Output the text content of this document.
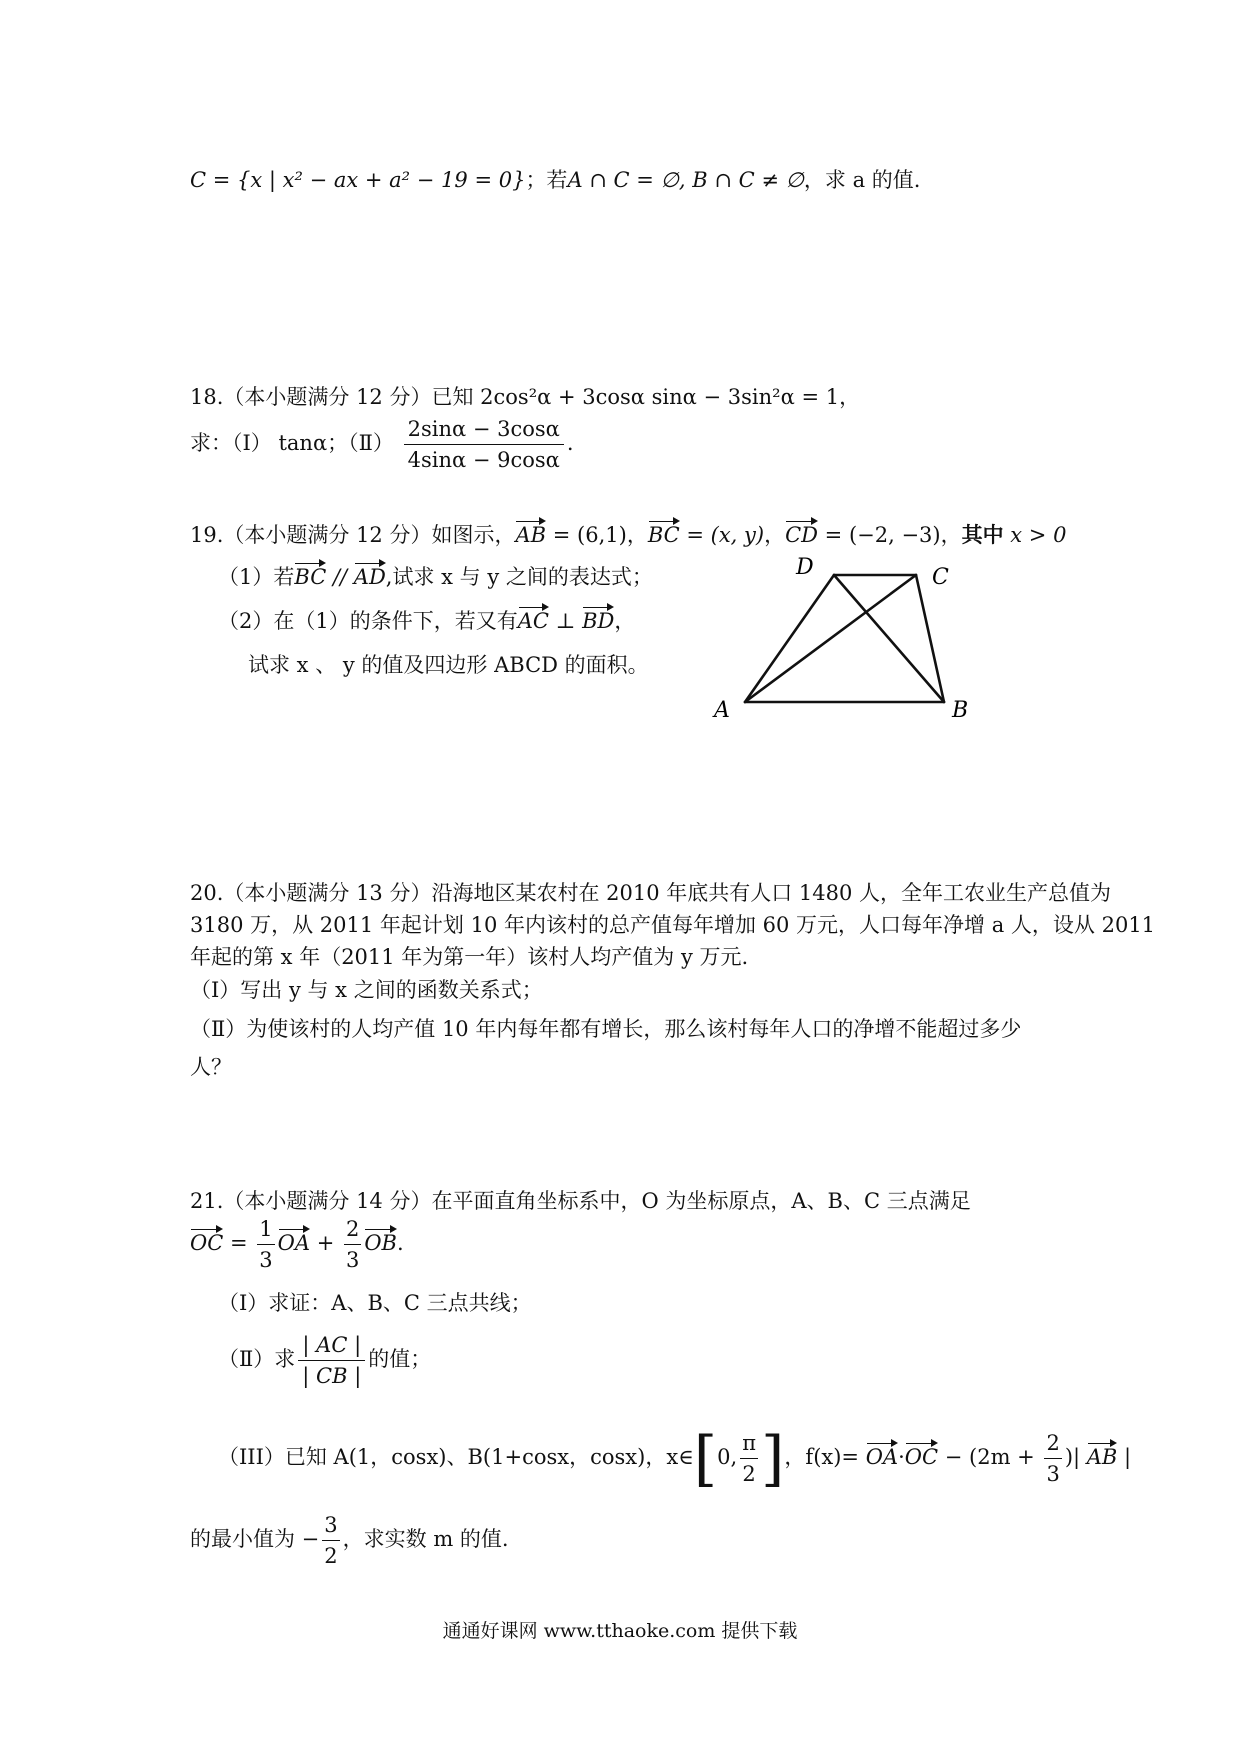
C = {x | x² − ax + a² − 19 = 0}；若A ∩ C = ∅, B ∩ C ≠ ∅，求 a 的值.
18.（本小题满分 12 分）已知 2cos²α + 3cosα sinα − 3sin²α = 1，
求：（Ⅰ） tanα；（Ⅱ） $\frac{2\sin\alpha - 3\cos\alpha}{4\sin\alpha - 9\cos\alpha}$ .
19.（本小题满分 12 分）如图示，AB = (6,1)，BC = (x, y)，CD = (−2, −3)，其中 x > 0
（1）若BC // AD,试求 x 与 y 之间的表达式；
（2）在（1）的条件下，若又有AC ⊥ BD，
试求 x 、 y 的值及四边形 ABCD 的面积。
A	B
C
D
20.（本小题满分 13 分）沿海地区某农村在 2010 年底共有人口 1480 人，全年工农业生产总值为
3180 万，从 2011 年起计划 10 年内该村的总产值每年增加 60 万元，人口每年净增 a 人，设从 2011
年起的第 x 年（2011 年为第一年）该村人均产值为 y 万元.
（Ⅰ）写出 y 与 x 之间的函数关系式；
（Ⅱ）为使该村的人均产值 10 年内每年都有增长，那么该村每年人口的净增不能超过多少
人？
21.（本小题满分 14 分）在平面直角坐标系中，O 为坐标原点，A、B、C 三点满足
OC = $\frac{1}{3}$ OA + $\frac{2}{3}$ OB.
（Ⅰ）求证：A、B、C 三点共线；
（Ⅱ）求 $\frac{| AC |}{| CB |}$ 的值；
（III）已知 A(1，cosx)、B(1+cosx，cosx)，x∈[0, $\frac{\pi}{2}$ ]，$f(x)= OA\cdot OC - (2m + \frac{2}{3}$ )| AB |
的最小值为 − $\frac{3}{2}$ ，求实数 m 的值.
通通好课网 www.tthaoke.com 提供下载
